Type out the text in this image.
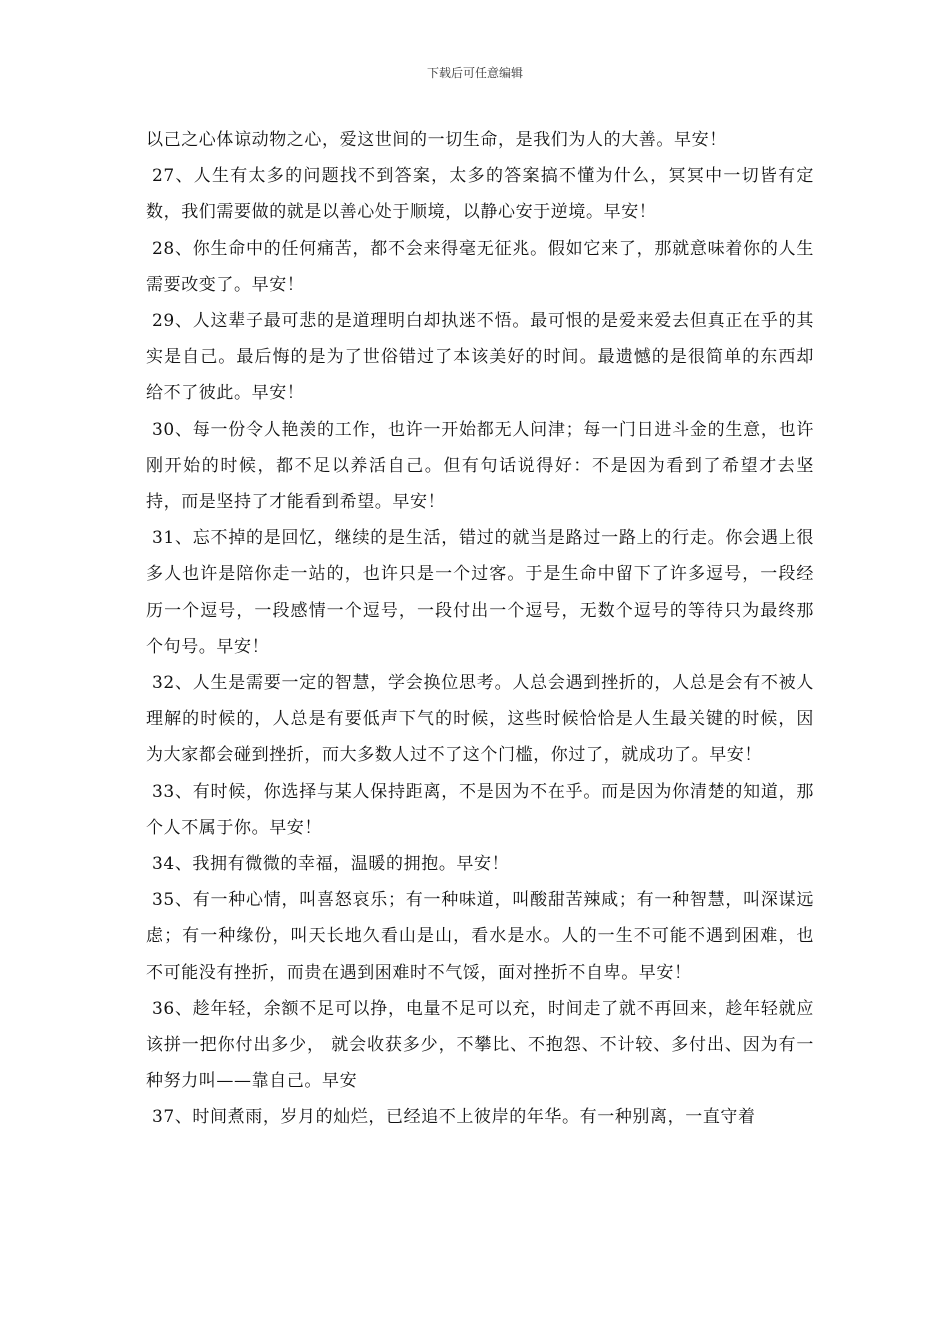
下载后可任意编辑

以己之心体谅动物之心，爱这世间的一切生命，是我们为人的大善。早安！

27、人生有太多的问题找不到答案，太多的答案搞不懂为什么，冥冥中一切皆有定数，我们需要做的就是以善心处于顺境，以静心安于逆境。早安！

28、你生命中的任何痛苦，都不会来得毫无征兆。假如它来了，那就意味着你的人生需要改变了。早安！

29、人这辈子最可悲的是道理明白却执迷不悟。最可恨的是爱来爱去但真正在乎的其实是自己。最后悔的是为了世俗错过了本该美好的时间。最遗憾的是很简单的东西却给不了彼此。早安！

30、每一份令人艳羡的工作，也许一开始都无人问津；每一门日进斗金的生意，也许刚开始的时候，都不足以养活自己。但有句话说得好：不是因为看到了希望才去坚持，而是坚持了才能看到希望。早安！

31、忘不掉的是回忆，继续的是生活，错过的就当是路过一路上的行走。你会遇上很多人也许是陪你走一站的，也许只是一个过客。于是生命中留下了许多逗号，一段经历一个逗号，一段感情一个逗号，一段付出一个逗号，无数个逗号的等待只为最终那个句号。早安！

32、人生是需要一定的智慧，学会换位思考。人总会遇到挫折的，人总是会有不被人理解的时候的，人总是有要低声下气的时候，这些时候恰恰是人生最关键的时候，因为大家都会碰到挫折，而大多数人过不了这个门槛，你过了，就成功了。早安！

33、有时候，你选择与某人保持距离，不是因为不在乎。而是因为你清楚的知道，那个人不属于你。早安！

34、我拥有微微的幸福，温暖的拥抱。早安！

35、有一种心情，叫喜怒哀乐；有一种味道，叫酸甜苦辣咸；有一种智慧，叫深谋远虑；有一种缘份，叫天长地久看山是山，看水是水。人的一生不可能不遇到困难，也不可能没有挫折，而贵在遇到困难时不气馁，面对挫折不自卑。早安！

36、趁年轻，余额不足可以挣，电量不足可以充，时间走了就不再回来，趁年轻就应该拼一把你付出多少， 就会收获多少，不攀比、不抱怨、不计较、多付出、因为有一种努力叫——靠自己。早安

37、时间煮雨，岁月的灿烂，已经追不上彼岸的年华。有一种别离，一直守着
